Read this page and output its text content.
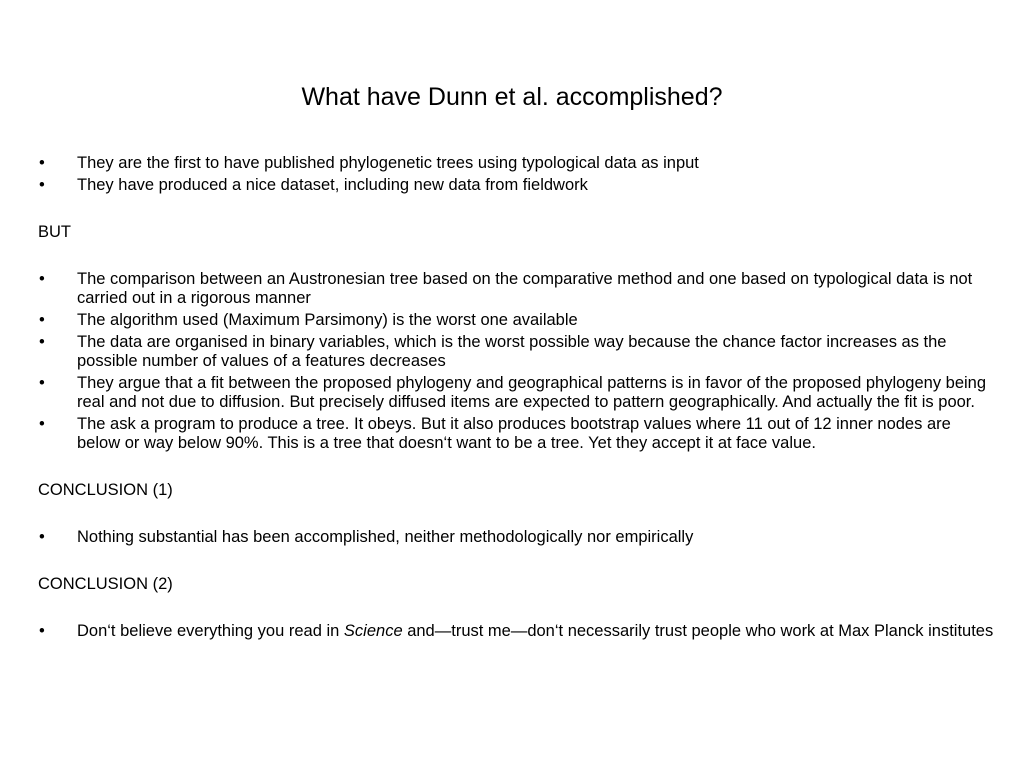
What have Dunn et al. accomplished?
• They are the first to have published phylogenetic trees using typological data as input
• They have produced a nice dataset, including new data from fieldwork
BUT
• The comparison between an Austronesian tree based on the comparative method and one based on typological data is not carried out in a rigorous manner
• The algorithm used (Maximum Parsimony) is the worst one available
• The data are organised in binary variables, which is the worst possible way because the chance factor increases as the possible number of values of a features decreases
• They argue that a fit between the proposed phylogeny and geographical patterns is in favor of the proposed phylogeny being real and not due to diffusion. But precisely diffused items are expected to pattern geographically. And actually the fit is poor.
• The ask a program to produce a tree. It obeys. But it also produces bootstrap values where 11 out of 12 inner nodes are below or way below 90%. This is a tree that doesn‘t want to be a tree. Yet they accept it at face value.
CONCLUSION (1)
• Nothing substantial has been accomplished, neither methodologically nor empirically
CONCLUSION (2)
• Don‘t believe everything you read in Science and—trust me—don‘t necessarily trust people who work at Max Planck institutes
